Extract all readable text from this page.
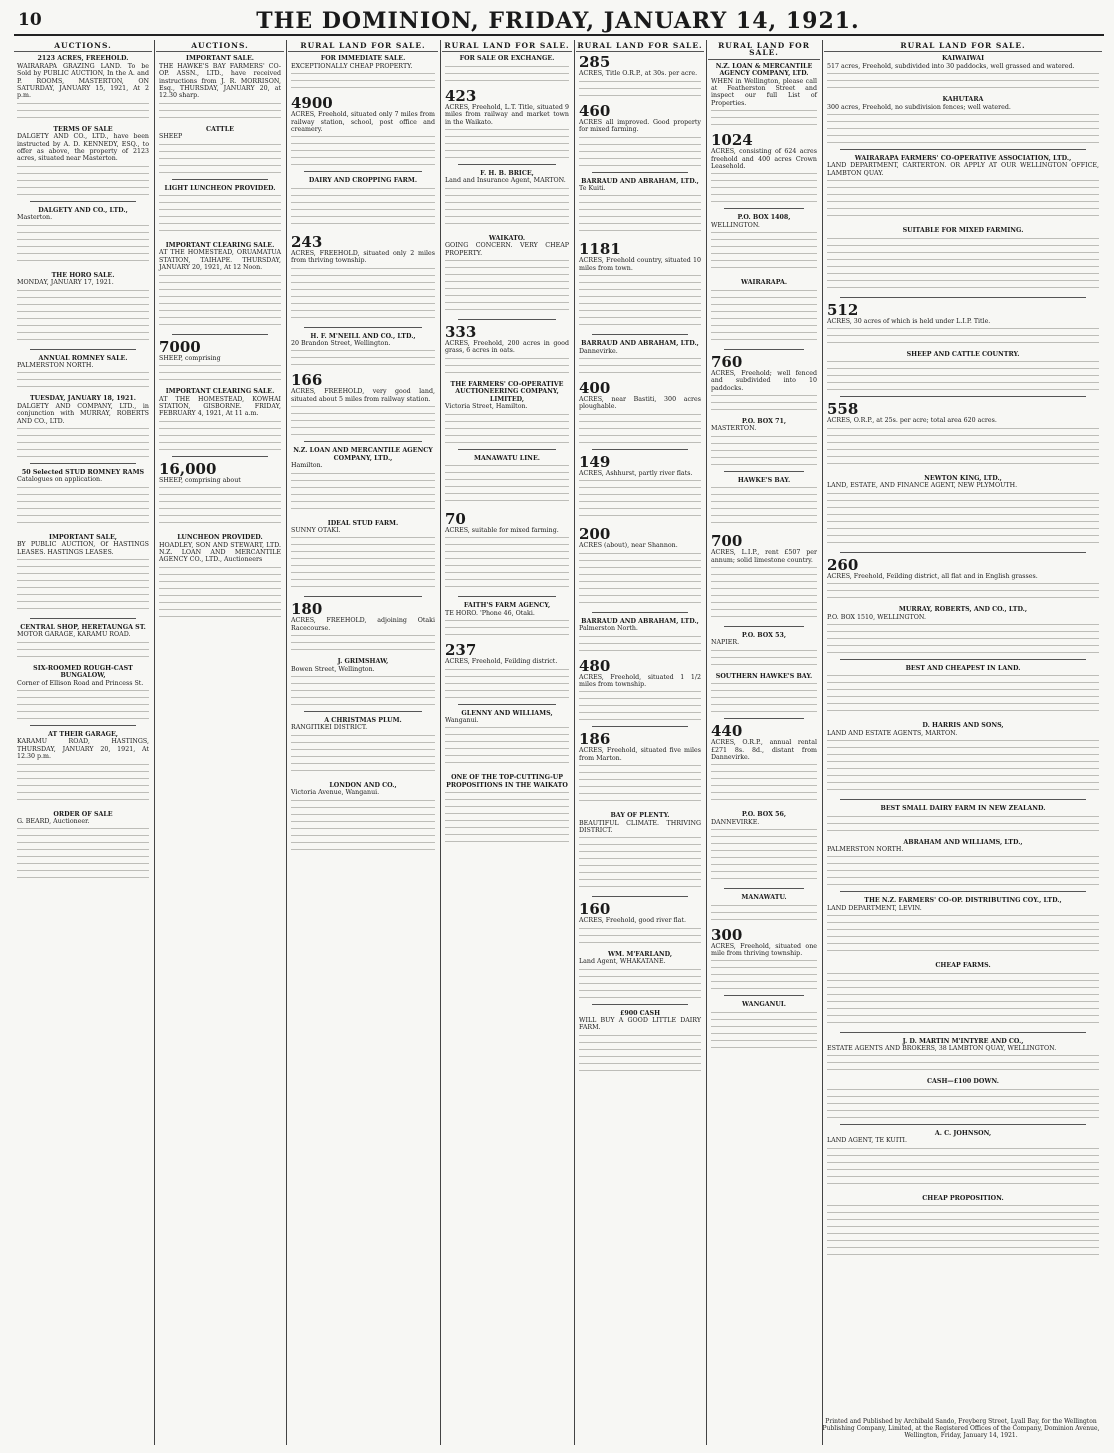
10	THE DOMINION, FRIDAY, JANUARY 14, 1921.
AUCTIONS.
2123 ACRES, FREEHOLD.
WAIRARAPA GRAZING LAND. To be Sold by PUBLIC AUCTION, In the A. and P. ROOMS, MASTERTON, ON SATURDAY, JANUARY 15, 1921, At 2 p.m.
TERMS OF SALE
DALGETY AND CO., LTD., have been instructed by A. D. KENNEDY, ESQ., to offer as above, the property of 2123 acres, situated near Masterton.
DALGETY AND CO., LTD.,
Masterton.
THE HORO SALE.
MONDAY, JANUARY 17, 1921.
ANNUAL ROMNEY SALE.
PALMERSTON NORTH.
TUESDAY, JANUARY 18, 1921.
DALGETY AND COMPANY, LTD., in conjunction with MURRAY, ROBERTS AND CO., LTD.
50 Selected STUD ROMNEY RAMS
Catalogues on application.
IMPORTANT SALE,
BY PUBLIC AUCTION, Of HASTINGS LEASES. HASTINGS LEASES.
CENTRAL SHOP, HERETAUNGA ST.
MOTOR GARAGE, KARAMU ROAD.
SIX-ROOMED ROUGH-CAST BUNGALOW,
Corner of Ellison Road and Princess St.
AT THEIR GARAGE,
KARAMU ROAD, HASTINGS, THURSDAY, JANUARY 20, 1921, At 12.30 p.m.
ORDER OF SALE
G. BEARD, Auctioneer.
AUCTIONS.
IMPORTANT SALE.
THE HAWKE'S BAY FARMERS' CO-OP. ASSN., LTD., have received instructions from J. R. MORRISON, Esq., THURSDAY, JANUARY 20, at 12.30 sharp.
CATTLE
SHEEP
LIGHT LUNCHEON PROVIDED.
IMPORTANT CLEARING SALE.
AT THE HOMESTEAD, ORUAMATUA STATION, TAIHAPE. THURSDAY, JANUARY 20, 1921, At 12 Noon.
7000
SHEEP, comprising
IMPORTANT CLEARING SALE.
AT THE HOMESTEAD, KOWHAI STATION, GISBORNE. FRIDAY, FEBRUARY 4, 1921, At 11 a.m.
16,000
SHEEP, comprising about
LUNCHEON PROVIDED.
HOADLEY, SON AND STEWART, LTD. N.Z. LOAN AND MERCANTILE AGENCY CO., LTD., Auctioneers
RURAL LAND FOR SALE.
FOR IMMEDIATE SALE.
EXCEPTIONALLY CHEAP PROPERTY.
4900
ACRES, Freehold, situated only 7 miles from railway station, school, post office and creamery.
DAIRY AND CROPPING FARM.
243
ACRES, FREEHOLD, situated only 2 miles from thriving township.
H. F. M'NEILL AND CO., LTD.,
20 Brandon Street, Wellington.
166
ACRES, FREEHOLD, very good land, situated about 5 miles from railway station.
N.Z. LOAN AND MERCANTILE AGENCY COMPANY, LTD.,
Hamilton.
IDEAL STUD FARM.
SUNNY OTAKI.
180
ACRES, FREEHOLD, adjoining Otaki Racecourse.
J. GRIMSHAW,
Bowen Street, Wellington.
A CHRISTMAS PLUM.
RANGITIKEI DISTRICT.
LONDON AND CO.,
Victoria Avenue, Wanganui.
RURAL LAND FOR SALE.
FOR SALE OR EXCHANGE.
423
ACRES, Freehold, L.T. Title, situated 9 miles from railway and market town in the Waikato.
F. H. B. BRICE,
Land and Insurance Agent, MARTON.
WAIKATO.
GOING CONCERN. VERY CHEAP PROPERTY.
333
ACRES, Freehold, 200 acres in good grass, 6 acres in oats.
THE FARMERS' CO-OPERATIVE AUCTIONEERING COMPANY, LIMITED,
Victoria Street, Hamilton.
MANAWATU LINE.
70
ACRES, suitable for mixed farming.
FAITH'S FARM AGENCY,
TE HORO. 'Phone 46, Otaki.
237
ACRES, Freehold, Feilding district.
GLENNY AND WILLIAMS,
Wanganui.
ONE OF THE TOP-CUTTING-UP PROPOSITIONS IN THE WAIKATO
RURAL LAND FOR SALE.
285
ACRES, Title O.R.P., at 30s. per acre.
460
ACRES all improved. Good property for mixed farming.
BARRAUD AND ABRAHAM, LTD.,
Te Kuiti.
1181
ACRES, Freehold country, situated 10 miles from town.
BARRAUD AND ABRAHAM, LTD.,
Dannevirke.
400
ACRES, near Bastiti, 300 acres ploughable.
149
ACRES, Ashhurst, partly river flats.
200
ACRES (about), near Shannon.
BARRAUD AND ABRAHAM, LTD.,
Palmerston North.
480
ACRES, Freehold, situated 1 1/2 miles from township.
186
ACRES, Freehold, situated five miles from Marton.
BAY OF PLENTY.
BEAUTIFUL CLIMATE. THRIVING DISTRICT.
160
ACRES, Freehold, good river flat.
WM. M'FARLAND,
Land Agent, WHAKATANE.
£900 CASH
WILL BUY A GOOD LITTLE DAIRY FARM.
RURAL LAND FOR SALE.
N.Z. LOAN & MERCANTILE AGENCY COMPANY, LTD.
WHEN in Wellington, please call at Featherston Street and inspect our full List of Properties.
1024
ACRES, consisting of 624 acres freehold and 400 acres Crown Leasehold.
P.O. BOX 1408,
WELLINGTON.
WAIRARAPA.
760
ACRES, Freehold; well fenced and subdivided into 10 paddocks.
P.O. BOX 71,
MASTERTON.
HAWKE'S BAY.
700
ACRES, L.I.P., rent £507 per annum; solid limestone country.
P.O. BOX 53,
NAPIER.
SOUTHERN HAWKE'S BAY.
440
ACRES, O.R.P., annual rental £271 8s. 8d., distant from Dannevirke.
P.O. BOX 56,
DANNEVIRKE.
MANAWATU.
300
ACRES, Freehold, situated one mile from thriving township.
WANGANUI.
RURAL LAND FOR SALE.
KAIWAIWAI
517 acres, Freehold, subdivided into 30 paddocks, well grassed and watered.
KAHUTARA
300 acres, Freehold, no subdivision fences; well watered.
WAIRARAPA FARMERS' CO-OPERATIVE ASSOCIATION, LTD.,
LAND DEPARTMENT, CARTERTON. OR APPLY AT OUR WELLINGTON OFFICE, LAMBTON QUAY.
SUITABLE FOR MIXED FARMING.
512
ACRES, 30 acres of which is held under L.I.P. Title.
SHEEP AND CATTLE COUNTRY.
558
ACRES, O.R.P., at 25s. per acre; total area 620 acres.
NEWTON KING, LTD.,
LAND, ESTATE, AND FINANCE AGENT, NEW PLYMOUTH.
260
ACRES, Freehold, Feilding district, all flat and in English grasses.
MURRAY, ROBERTS, AND CO., LTD.,
P.O. BOX 1510, WELLINGTON.
BEST AND CHEAPEST IN LAND.
D. HARRIS AND SONS,
LAND AND ESTATE AGENTS, MARTON.
BEST SMALL DAIRY FARM IN NEW ZEALAND.
ABRAHAM AND WILLIAMS, LTD.,
PALMERSTON NORTH.
THE N.Z. FARMERS' CO-OP. DISTRIBUTING COY., LTD.,
LAND DEPARTMENT, LEVIN.
CHEAP FARMS.
J. D. MARTIN M'INTYRE AND CO.,
ESTATE AGENTS AND BROKERS, 38 LAMBTON QUAY, WELLINGTON.
CASH—£100 DOWN.
A. C. JOHNSON,
LAND AGENT, TE KUITI.
CHEAP PROPOSITION.
Printed and Published by Archibald Sando, Freyberg Street, Lyall Bay, for the Wellington Publishing Company, Limited, at the Registered Offices of the Company, Dominion Avenue, Wellington, Friday, January 14, 1921.
